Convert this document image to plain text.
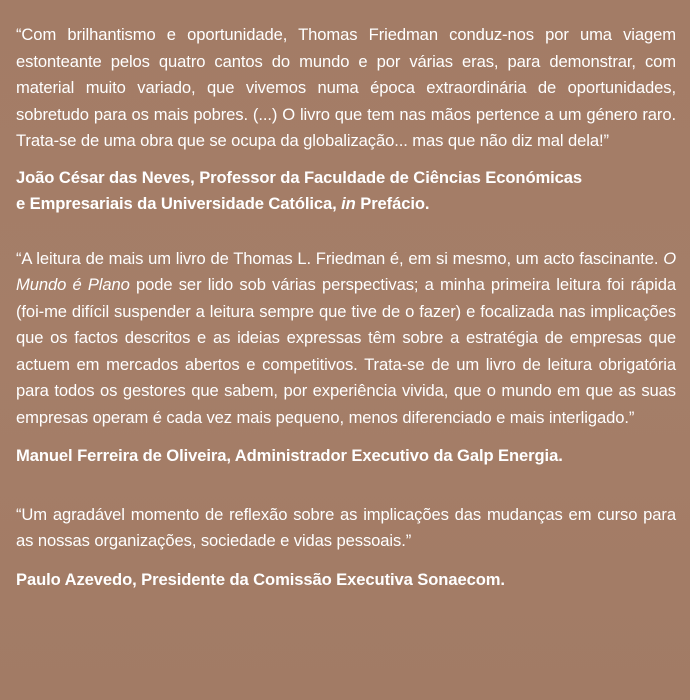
“Com brilhantismo e oportunidade, Thomas Friedman conduz-nos por uma viagem estonteante pelos quatro cantos do mundo e por várias eras, para demonstrar, com material muito variado, que vivemos numa época extraordinária de oportunidades, sobretudo para os mais pobres. (...) O livro que tem nas mãos pertence a um género raro. Trata-se de uma obra que se ocupa da globalização... mas que não diz mal dela!”

João César das Neves, Professor da Faculdade de Ciências Económicas
e Empresariais da Universidade Católica, in Prefácio.

“A leitura de mais um livro de Thomas L. Friedman é, em si mesmo, um acto fascinante. O Mundo é Plano pode ser lido sob várias perspectivas; a minha primeira leitura foi rápida (foi-me difícil suspender a leitura sempre que tive de o fazer) e focalizada nas implicações que os factos descritos e as ideias expressas têm sobre a estratégia de empresas que actuem em mercados abertos e competitivos. Trata-se de um livro de leitura obrigatória para todos os gestores que sabem, por experiência vivida, que o mundo em que as suas empresas operam é cada vez mais pequeno, menos diferenciado e mais interligado.”

Manuel Ferreira de Oliveira, Administrador Executivo da Galp Energia.

“Um agradável momento de reflexão sobre as implicações das mudanças em curso para as nossas organizações, sociedade e vidas pessoais.”

Paulo Azevedo, Presidente da Comissão Executiva Sonaecom.
